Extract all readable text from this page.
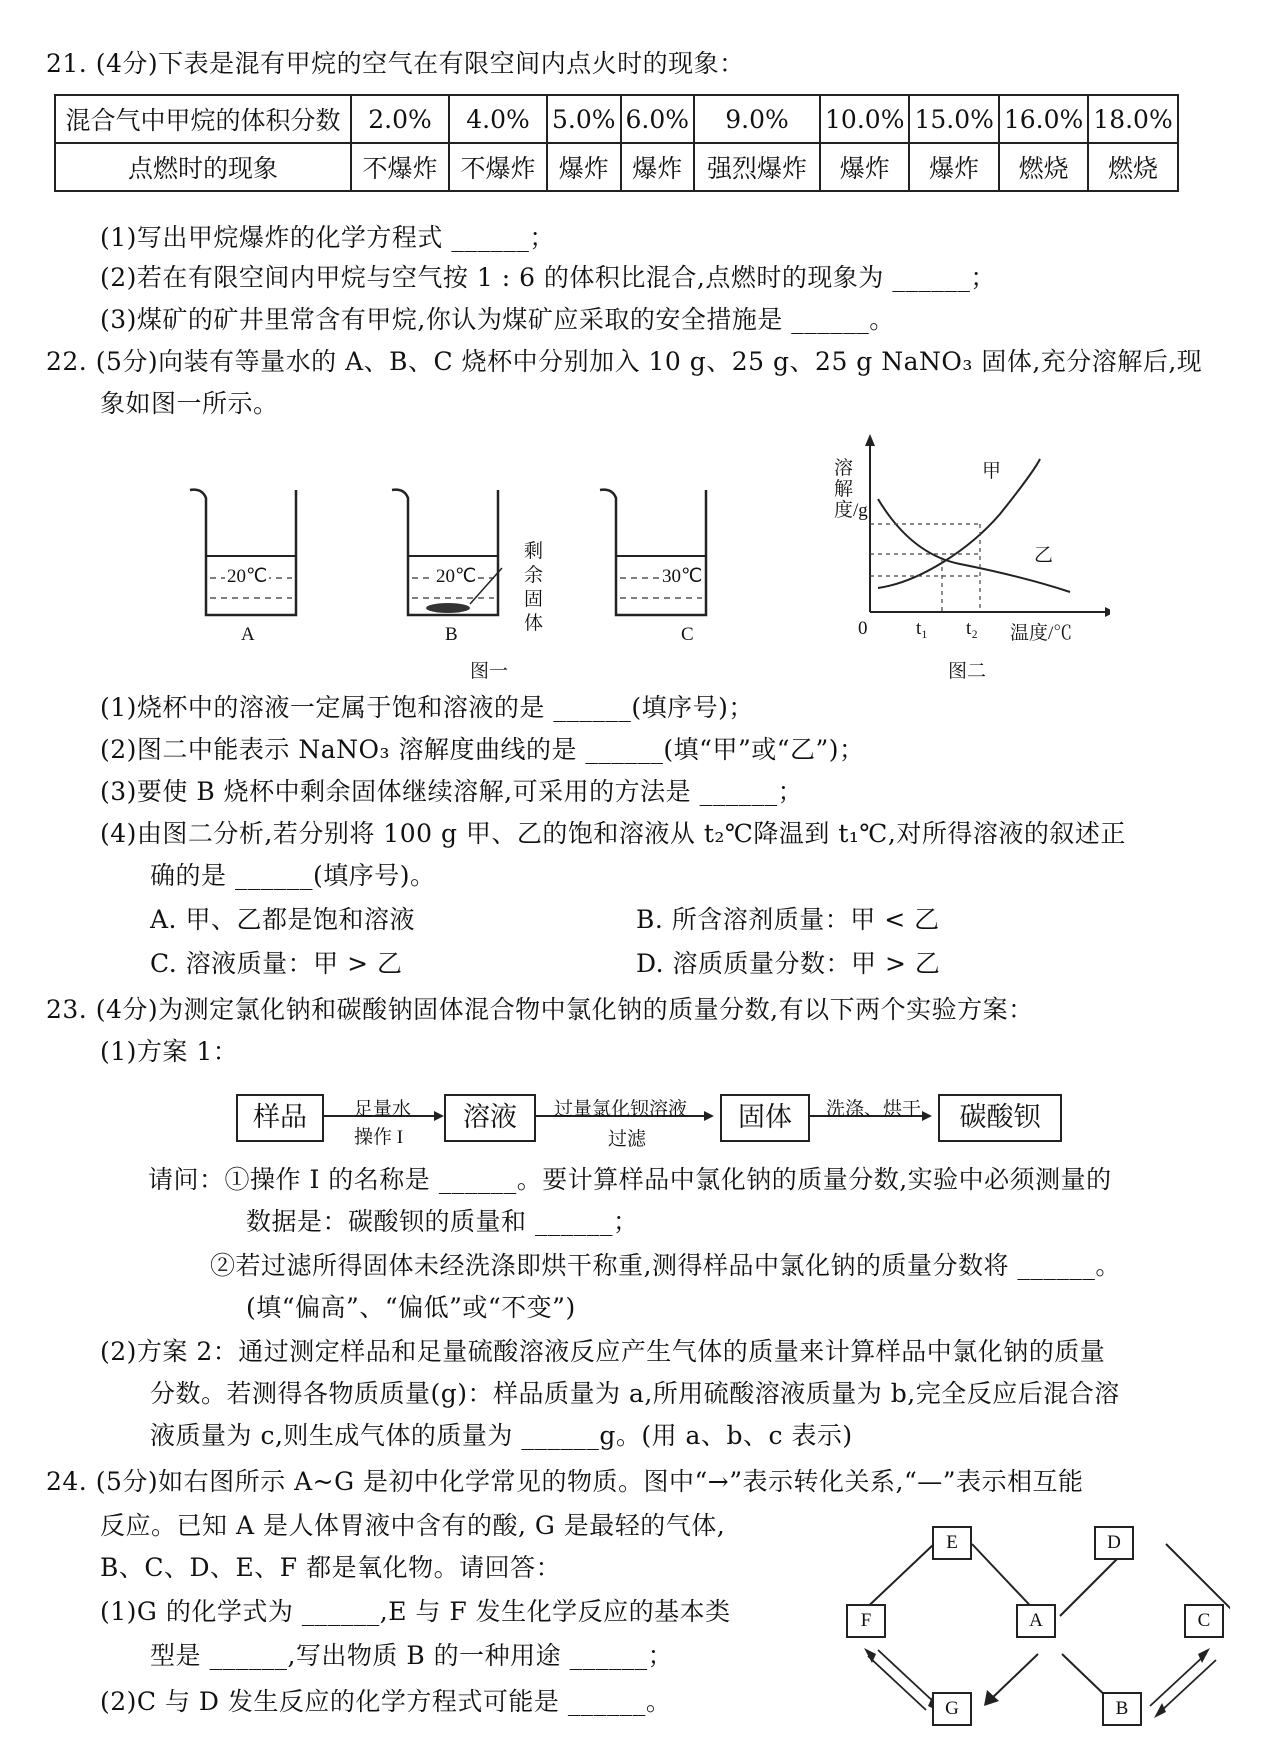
21. (4分)下表是混有甲烷的空气在有限空间内点火时的现象：
混合气中甲烷的体积分数	2.0%	4.0%	5.0%	6.0%	9.0%	10.0%	15.0%	16.0%	18.0%
点燃时的现象	不爆炸	不爆炸	爆炸	爆炸	强烈爆炸	爆炸	爆炸	燃烧	燃烧
(1)写出甲烷爆炸的化学方程式 ______；
(2)若在有限空间内甲烷与空气按 1 : 6 的体积比混合,点燃时的现象为 ______；
(3)煤矿的矿井里常含有甲烷,你认为煤矿应采取的安全措施是 ______。
22. (5分)向装有等量水的 A、B、C 烧杯中分别加入 10 g、25 g、25 g NaNO₃ 固体,充分溶解后,现
象如图一所示。
20℃	20℃	30℃
A	B	C
剩余固体
图一
溶解度/g
0	t₁ t₂ 温度/℃
甲
乙
图二
(1)烧杯中的溶液一定属于饱和溶液的是 ______(填序号)；
(2)图二中能表示 NaNO₃ 溶解度曲线的是 ______(填“甲”或“乙”)；
(3)要使 B 烧杯中剩余固体继续溶解,可采用的方法是 ______；
(4)由图二分析,若分别将 100 g 甲、乙的饱和溶液从 t₂℃降温到 t₁℃,对所得溶液的叙述正
确的是 ______(填序号)。
A. 甲、乙都是饱和溶液	B. 所含溶剂质量：甲 < 乙
C. 溶液质量：甲 > 乙	D. 溶质质量分数：甲 > 乙
23. (4分)为测定氯化钠和碳酸钠固体混合物中氯化钠的质量分数,有以下两个实验方案：
(1)方案 1：
样品	溶液	固体	碳酸钡
足量水
操作 I
过量氯化钡溶液
过滤
洗涤、烘干
请问：①操作 I 的名称是 ______。要计算样品中氯化钠的质量分数,实验中必须测量的
数据是：碳酸钡的质量和 ______；
②若过滤所得固体未经洗涤即烘干称重,测得样品中氯化钠的质量分数将 ______。
(填“偏高”、“偏低”或“不变”)
(2)方案 2：通过测定样品和足量硫酸溶液反应产生气体的质量来计算样品中氯化钠的质量
分数。若测得各物质质量(g)：样品质量为 a,所用硫酸溶液质量为 b,完全反应后混合溶
液质量为 c,则生成气体的质量为 ______g。(用 a、b、c 表示)
24. (5分)如右图所示 A~G 是初中化学常见的物质。图中“→”表示转化关系,“—”表示相互能
反应。已知 A 是人体胃液中含有的酸, G 是最轻的气体,
B、C、D、E、F 都是氧化物。请回答：
(1)G 的化学式为 ______,E 与 F 发生化学反应的基本类
型是 ______,写出物质 B 的一种用途 ______；
(2)C 与 D 发生反应的化学方程式可能是 ______。
E	D
F	A	C
G	B
